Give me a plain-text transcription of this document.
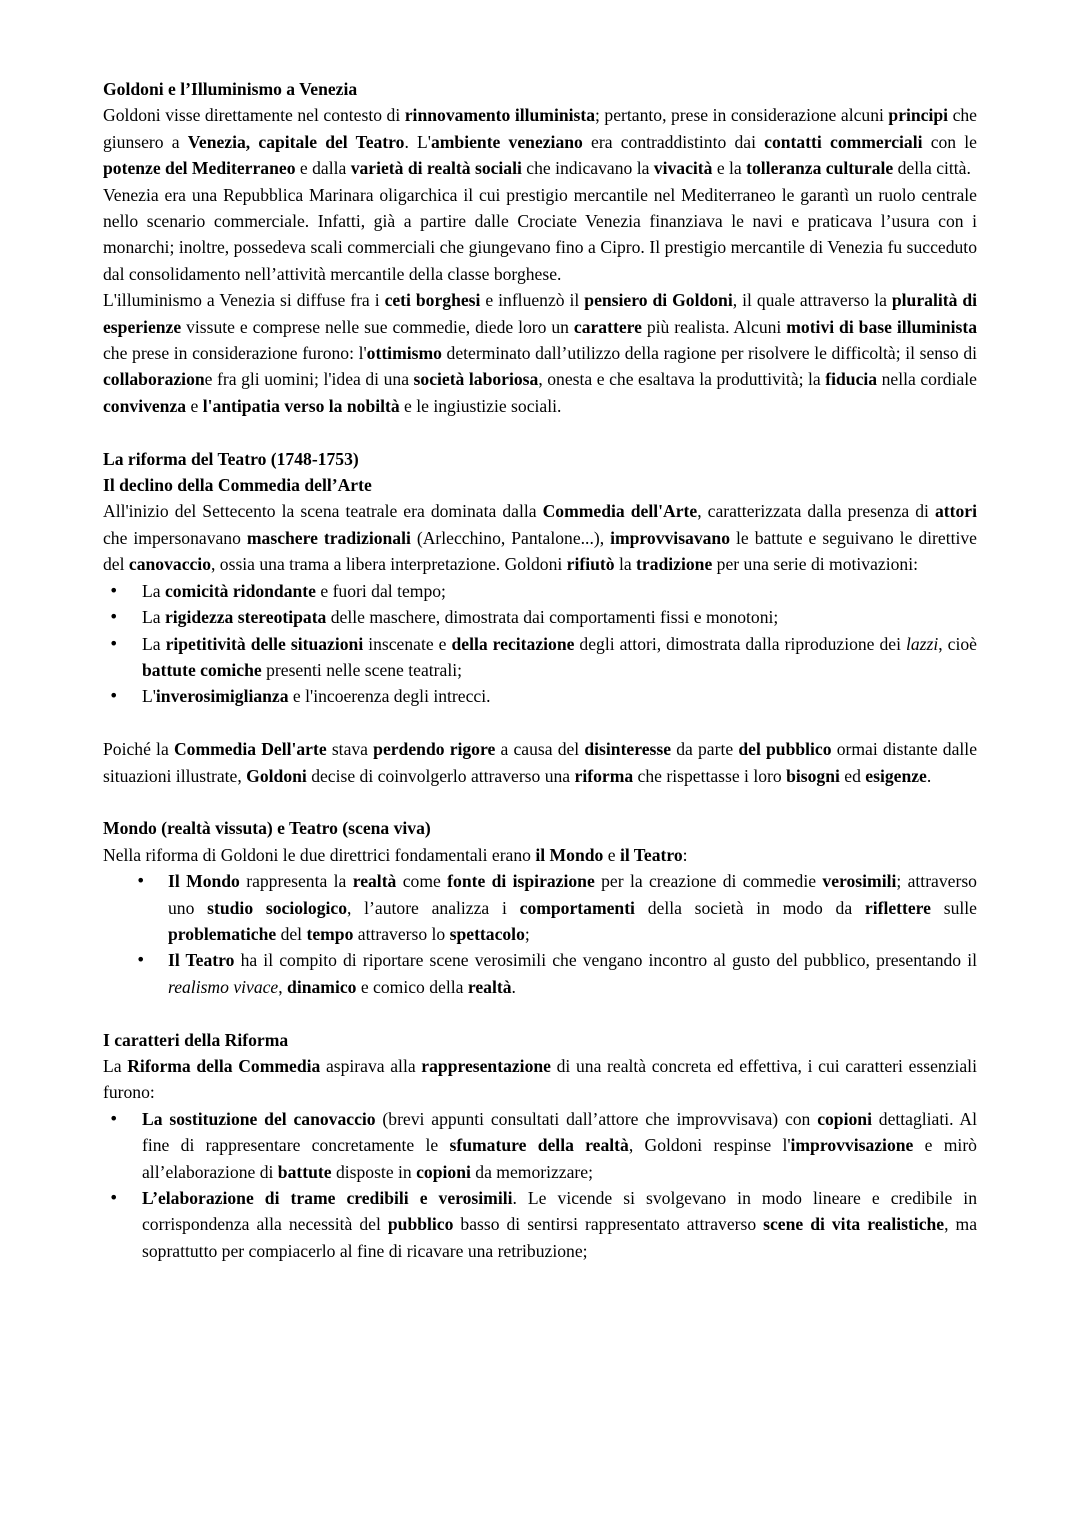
Goldoni e l’Illuminismo a Venezia

Goldoni visse direttamente nel contesto di rinnovamento illuminista; pertanto, prese in considerazione alcuni principi che giunsero a Venezia, capitale del Teatro. L'ambiente veneziano era contraddistinto dai contatti commerciali con le potenze del Mediterraneo e dalla varietà di realtà sociali che indicavano la vivacità e la tolleranza culturale della città.

Venezia era una Repubblica Marinara oligarchica il cui prestigio mercantile nel Mediterraneo le garantì un ruolo centrale nello scenario commerciale. Infatti, già a partire dalle Crociate Venezia finanziava le navi e praticava l’usura con i monarchi; inoltre, possedeva scali commerciali che giungevano fino a Cipro. Il prestigio mercantile di Venezia fu succeduto dal consolidamento nell’attività mercantile della classe borghese.

L'illuminismo a Venezia si diffuse fra i ceti borghesi e influenzò il pensiero di Goldoni, il quale attraverso la pluralità di esperienze vissute e comprese nelle sue commedie, diede loro un carattere più realista. Alcuni motivi di base illuminista che prese in considerazione furono: l'ottimismo determinato dall’utilizzo della ragione per risolvere le difficoltà; il senso di collaborazione fra gli uomini; l'idea di una società laboriosa, onesta e che esaltava la produttività; la fiducia nella cordiale convivenza e l'antipatia verso la nobiltà e le ingiustizie sociali.

La riforma del Teatro (1748-1753)
Il declino della Commedia dell’Arte

All'inizio del Settecento la scena teatrale era dominata dalla Commedia dell'Arte, caratterizzata dalla presenza di attori che impersonavano maschere tradizionali (Arlecchino, Pantalone...), improvvisavano le battute e seguivano le direttive del canovaccio, ossia una trama a libera interpretazione. Goldoni rifiutò la tradizione per una serie di motivazioni:

• La comicità ridondante e fuori dal tempo;
• La rigidezza stereotipata delle maschere, dimostrata dai comportamenti fissi e monotoni;
• La ripetitività delle situazioni inscenate e della recitazione degli attori, dimostrata dalla riproduzione dei lazzi, cioè battute comiche presenti nelle scene teatrali;
• L'inverosimiglianza e l'incoerenza degli intrecci.

Poiché la Commedia Dell'arte stava perdendo rigore a causa del disinteresse da parte del pubblico ormai distante dalle situazioni illustrate, Goldoni decise di coinvolgerlo attraverso una riforma che rispettasse i loro bisogni ed esigenze.

Mondo (realtà vissuta) e Teatro (scena viva)

Nella riforma di Goldoni le due direttrici fondamentali erano il Mondo e il Teatro:

• Il Mondo rappresenta la realtà come fonte di ispirazione per la creazione di commedie verosimili; attraverso uno studio sociologico, l’autore analizza i comportamenti della società in modo da riflettere sulle problematiche del tempo attraverso lo spettacolo;
• Il Teatro ha il compito di riportare scene verosimili che vengano incontro al gusto del pubblico, presentando il realismo vivace, dinamico e comico della realtà.
I caratteri della Riforma

La Riforma della Commedia aspirava alla rappresentazione di una realtà concreta ed effettiva, i cui caratteri essenziali furono:

• La sostituzione del canovaccio (brevi appunti consultati dall’attore che improvvisava) con copioni dettagliati. Al fine di rappresentare concretamente le sfumature della realtà, Goldoni respinse l'improvvisazione e mirò all’elaborazione di battute disposte in copioni da memorizzare;
• L’elaborazione di trame credibili e verosimili. Le vicende si svolgevano in modo lineare e credibile in corrispondenza alla necessità del pubblico basso di sentirsi rappresentato attraverso scene di vita realistiche, ma soprattutto per compiacerlo al fine di ricavare una retribuzione;
